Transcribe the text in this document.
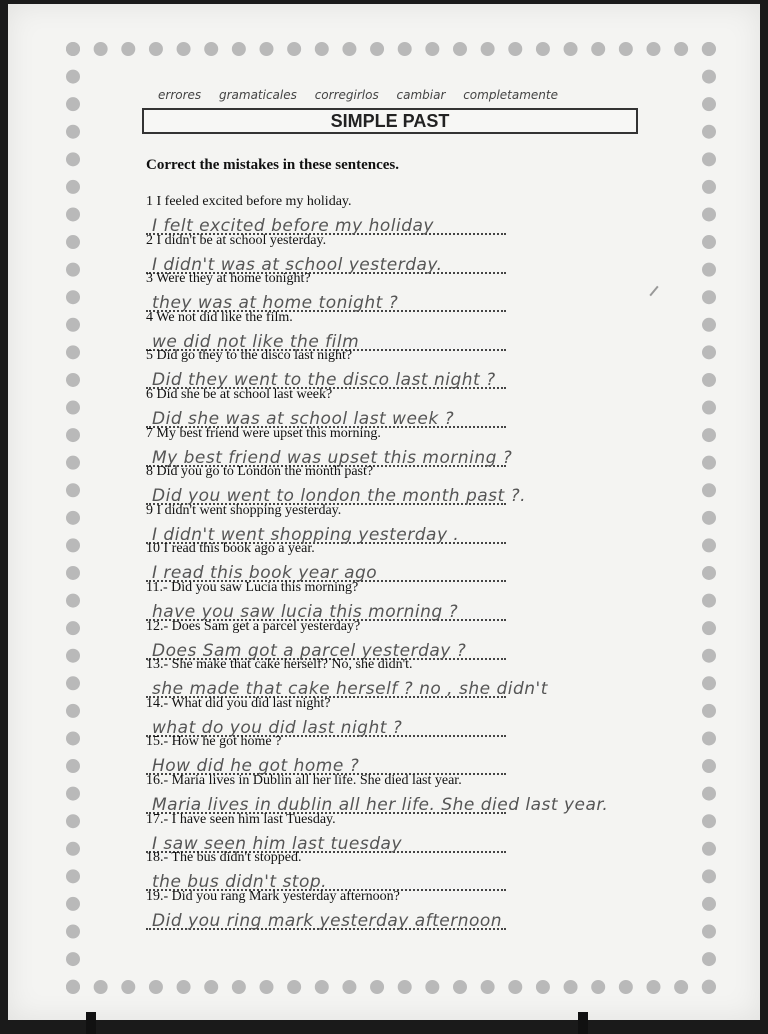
errores gramaticales corregirlos cambiar completamente
SIMPLE PAST
Correct the mistakes in these sentences.
1 I feeled excited before my holiday.
I felt excited before my holiday
2 I didn't be at school yesterday.
I didn't was at school yesterday.
3 Were they at home tonight?
they was at home tonight ?
4 We not did like the film.
we did not like the film
5 Did go they to the disco last night?
Did they went to the disco last night ?
6 Did she be at school last week?
Did she was at school last week ?
7 My best friend were upset this morning.
My best friend was upset this morning ?
8 Did you go to London the month past?
Did you went to london the month past ?.
9 I didn't went shopping yesterday.
I didn't went shopping yesterday .
10 I read this book ago a year.
I read this book year ago
11.- Did you saw Lucia this morning?
have you saw lucia this morning ?
12.- Does Sam get a parcel yesterday?
Does Sam got a parcel yesterday ?
13.- She make that cake herself? No, she didn't.
she made that cake herself ? no , she didn't
14.- What did you did last night?
what do you did last night ?
15.- How he got home ?
How did he got home ?
16.- Maria lives in Dublin all her life. She died last year.
Maria lives in dublin all her life. She died last year.
17.- I have seen him last Tuesday.
I saw seen him last tuesday
18.- The bus didn't stopped.
the bus didn't stop.
19.- Did you rang Mark yesterday afternoon?
Did you ring mark yesterday afternoon
